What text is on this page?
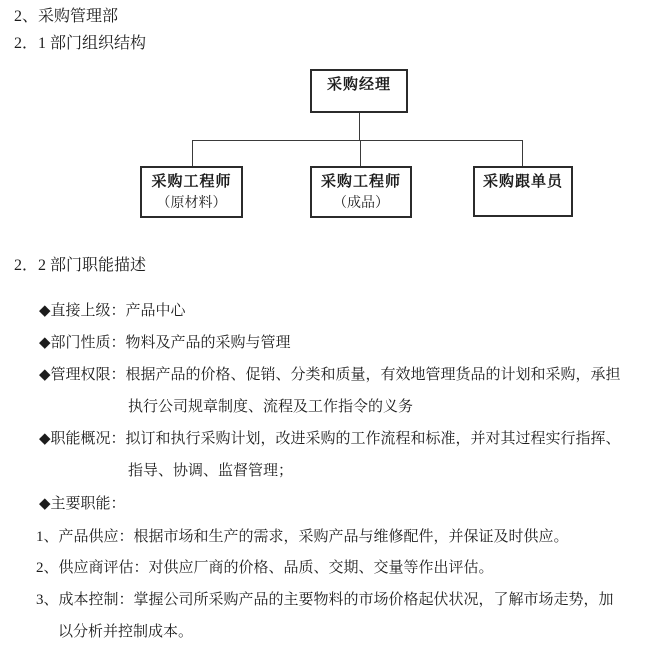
2、采购管理部
2．1 部门组织结构
采购经理
采购工程师
（原材料）
采购工程师
（成品）
采购跟单员
2．2 部门职能描述
◆直接上级：产品中心
◆部门性质：物料及产品的采购与管理
◆管理权限：根据产品的价格、促销、分类和质量，有效地管理货品的计划和采购，承担
执行公司规章制度、流程及工作指令的义务
◆职能概况：拟订和执行采购计划，改进采购的工作流程和标准，并对其过程实行指挥、
指导、协调、监督管理；
◆主要职能：
1、产品供应：根据市场和生产的需求，采购产品与维修配件，并保证及时供应。
2、供应商评估：对供应厂商的价格、品质、交期、交量等作出评估。
3、成本控制：掌握公司所采购产品的主要物料的市场价格起伏状况，了解市场走势，加
以分析并控制成本。
